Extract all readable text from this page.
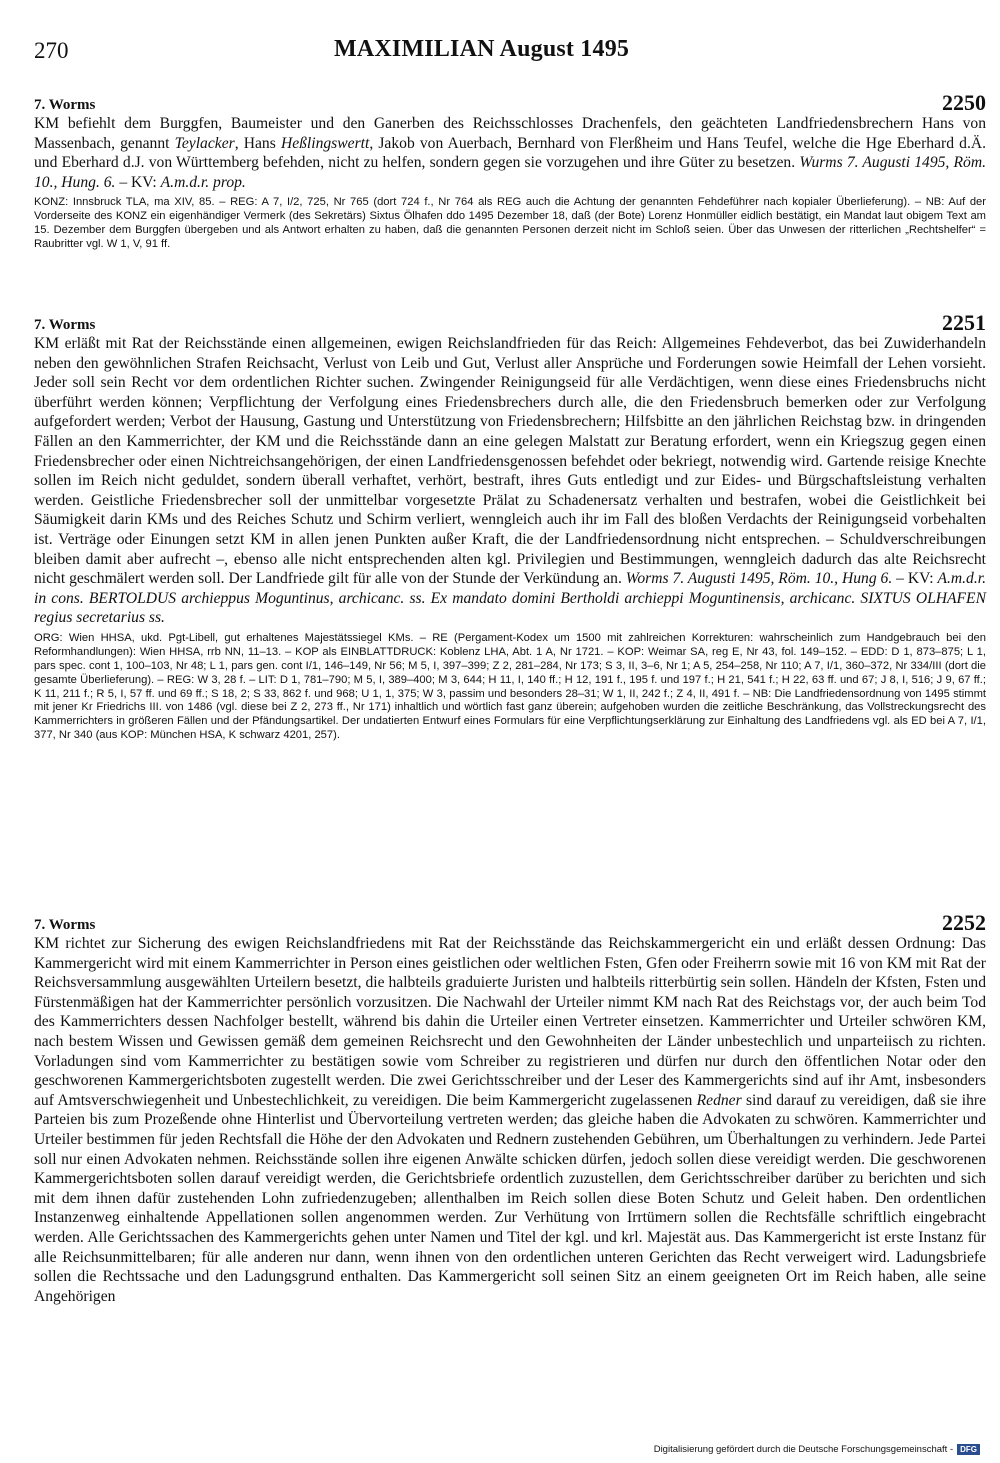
270	MAXIMILIAN August 1495
7. Worms	2250

KM befiehlt dem Burggfen, Baumeister und den Ganerben des Reichsschlosses Drachenfels, den geächteten Landfriedensbrechern Hans von Massenbach, genannt Teylacker, Hans Heßlingswertt, Jakob von Auerbach, Bernhard von Flerßheim und Hans Teufel, welche die Hge Eberhard d.Ä. und Eberhard d.J. von Württemberg befehden, nicht zu helfen, sondern gegen sie vorzugehen und ihre Güter zu besetzen. Wurms 7. Augusti 1495, Röm. 10., Hung. 6. – KV: A.m.d.r. prop.

KONZ: Innsbruck TLA, ma XIV, 85. – REG: A 7, I/2, 725, Nr 765 (dort 724 f., Nr 764 als REG auch die Achtung der genannten Fehdeführer nach kopialer Überlieferung). – NB: Auf der Vorderseite des KONZ ein eigenhändiger Vermerk (des Sekretärs) Sixtus Ölhafen ddo 1495 Dezember 18, daß (der Bote) Lorenz Honmüller eidlich bestätigt, ein Mandat laut obigem Text am 15. Dezember dem Burggfen übergeben und als Antwort erhalten zu haben, daß die genannten Personen derzeit nicht im Schloß seien. Über das Unwesen der ritterlichen „Rechtshelfer“ = Raubritter vgl. W 1, V, 91 ff.

7. Worms	2251

KM erläßt mit Rat der Reichsstände einen allgemeinen, ewigen Reichslandfrieden für das Reich: Allgemeines Fehdeverbot, das bei Zuwiderhandeln neben den gewöhnlichen Strafen Reichsacht, Verlust von Leib und Gut, Verlust aller Ansprüche und Forderungen sowie Heimfall der Lehen vorsieht. Jeder soll sein Recht vor dem ordentlichen Richter suchen. Zwingender Reinigungseid für alle Verdächtigen, wenn diese eines Friedensbruchs nicht überführt werden können; Verpflichtung der Verfolgung eines Friedensbrechers durch alle, die den Friedensbruch bemerken oder zur Verfolgung aufgefordert werden; Verbot der Hausung, Gastung und Unterstützung von Friedensbrechern; Hilfsbitte an den jährlichen Reichstag bzw. in dringenden Fällen an den Kammerrichter, der KM und die Reichsstände dann an eine gelegen Malstatt zur Beratung erfordert, wenn ein Kriegszug gegen einen Friedensbrecher oder einen Nichtreichsangehörigen, der einen Landfriedensgenossen befehdet oder bekriegt, notwendig wird. Gartende reisige Knechte sollen im Reich nicht geduldet, sondern überall verhaftet, verhört, bestraft, ihres Guts entledigt und zur Eides- und Bürgschaftsleistung verhalten werden. Geistliche Friedensbrecher soll der unmittelbar vorgesetzte Prälat zu Schadenersatz verhalten und bestrafen, wobei die Geistlichkeit bei Säumigkeit darin KMs und des Reiches Schutz und Schirm verliert, wenngleich auch ihr im Fall des bloßen Verdachts der Reinigungseid vorbehalten ist. Verträge oder Einungen setzt KM in allen jenen Punkten außer Kraft, die der Landfriedensordnung nicht entsprechen. – Schuldverschreibungen bleiben damit aber aufrecht –, ebenso alle nicht entsprechenden alten kgl. Privilegien und Bestimmungen, wenngleich dadurch das alte Reichsrecht nicht geschmälert werden soll. Der Landfriede gilt für alle von der Stunde der Verkündung an. Worms 7. Augusti 1495, Röm. 10., Hung 6. – KV: A.m.d.r. in cons. BERTOLDUS archieppus Moguntinus, archicanc. ss. Ex mandato domini Bertholdi archieppi Moguntinensis, archicanc. SIXTUS OLHAFEN regius secretarius ss.

ORG: Wien HHSA, ukd. Pgt-Libell, gut erhaltenes Majestätssiegel KMs. – RE (Pergament-Kodex um 1500 mit zahlreichen Korrekturen: wahrscheinlich zum Handgebrauch bei den Reformhandlungen): Wien HHSA, rrb NN, 11–13. – KOP als EINBLATTDRUCK: Koblenz LHA, Abt. 1 A, Nr 1721. – KOP: Weimar SA, reg E, Nr 43, fol. 149–152. – EDD: D 1, 873–875; L 1, pars spec. cont 1, 100–103, Nr 48; L 1, pars gen. cont I/1, 146–149, Nr 56; M 5, I, 397–399; Z 2, 281–284, Nr 173; S 3, II, 3–6, Nr 1; A 5, 254–258, Nr 110; A 7, I/1, 360–372, Nr 334/III (dort die gesamte Überlieferung). – REG: W 3, 28 f. – LIT: D 1, 781–790; M 5, I, 389–400; M 3, 644; H 11, I, 140 ff.; H 12, 191 f., 195 f. und 197 f.; H 21, 541 f.; H 22, 63 ff. und 67; J 8, I, 516; J 9, 67 ff.; K 11, 211 f.; R 5, I, 57 ff. und 69 ff.; S 18, 2; S 33, 862 f. und 968; U 1, 1, 375; W 3, passim und besonders 28–31; W 1, II, 242 f.; Z 4, II, 491 f. – NB: Die Landfriedensordnung von 1495 stimmt mit jener Kr Friedrichs III. von 1486 (vgl. diese bei Z 2, 273 ff., Nr 171) inhaltlich und wörtlich fast ganz überein; aufgehoben wurden die zeitliche Beschränkung, das Vollstreckungsrecht des Kammerrichters in größeren Fällen und der Pfändungsartikel. Der undatierten Entwurf eines Formulars für eine Verpflichtungserklärung zur Einhaltung des Landfriedens vgl. als ED bei A 7, I/1, 377, Nr 340 (aus KOP: München HSA, K schwarz 4201, 257).

7. Worms	2252

KM richtet zur Sicherung des ewigen Reichslandfriedens mit Rat der Reichsstände das Reichskammergericht ein und erläßt dessen Ordnung: Das Kammergericht wird mit einem Kammerrichter in Person eines geistlichen oder weltlichen Fsten, Gfen oder Freiherrn sowie mit 16 von KM mit Rat der Reichsversammlung ausgewählten Urteilern besetzt, die halbteils graduierte Juristen und halbteils ritterbürtig sein sollen. Händeln der Kfsten, Fsten und Fürstenmäßigen hat der Kammerrichter persönlich vorzusitzen. Die Nachwahl der Urteiler nimmt KM nach Rat des Reichstags vor, der auch beim Tod des Kammerrichters dessen Nachfolger bestellt, während bis dahin die Urteiler einen Vertreter einsetzen. Kammerrichter und Urteiler schwören KM, nach bestem Wissen und Gewissen gemäß dem gemeinen Reichsrecht und den Gewohnheiten der Länder unbestechlich und unparteiisch zu richten. Vorladungen sind vom Kammerrichter zu bestätigen sowie vom Schreiber zu registrieren und dürfen nur durch den öffentlichen Notar oder den geschworenen Kammergerichtsboten zugestellt werden. Die zwei Gerichtsschreiber und der Leser des Kammergerichts sind auf ihr Amt, insbesonders auf Amtsverschwiegenheit und Unbestechlichkeit, zu vereidigen. Die beim Kammergericht zugelassenen Redner sind darauf zu vereidigen, daß sie ihre Parteien bis zum Prozeßende ohne Hinterlist und Übervorteilung vertreten werden; das gleiche haben die Advokaten zu schwören. Kammerrichter und Urteiler bestimmen für jeden Rechtsfall die Höhe der den Advokaten und Rednern zustehenden Gebühren, um Überhaltungen zu verhindern. Jede Partei soll nur einen Advokaten nehmen. Reichsstände sollen ihre eigenen Anwälte schicken dürfen, jedoch sollen diese vereidigt werden. Die geschworenen Kammergerichtsboten sollen darauf vereidigt werden, die Gerichtsbriefe ordentlich zuzustellen, dem Gerichtsschreiber darüber zu berichten und sich mit dem ihnen dafür zustehenden Lohn zufriedenzugeben; allenthalben im Reich sollen diese Boten Schutz und Geleit haben. Den ordentlichen Instanzenweg einhaltende Appellationen sollen angenommen werden. Zur Verhütung von Irrtümern sollen die Rechtsfälle schriftlich eingebracht werden. Alle Gerichtssachen des Kammergerichts gehen unter Namen und Titel der kgl. und krl. Majestät aus. Das Kammergericht ist erste Instanz für alle Reichsunmittelbaren; für alle anderen nur dann, wenn ihnen von den ordentlichen unteren Gerichten das Recht verweigert wird. Ladungsbriefe sollen die Rechtssache und den Ladungsgrund enthalten. Das Kammergericht soll seinen Sitz an einem geeigneten Ort im Reich haben, alle seine Angehörigen

Digitalisierung gefördert durch die Deutsche Forschungsgemeinschaft - DFG
